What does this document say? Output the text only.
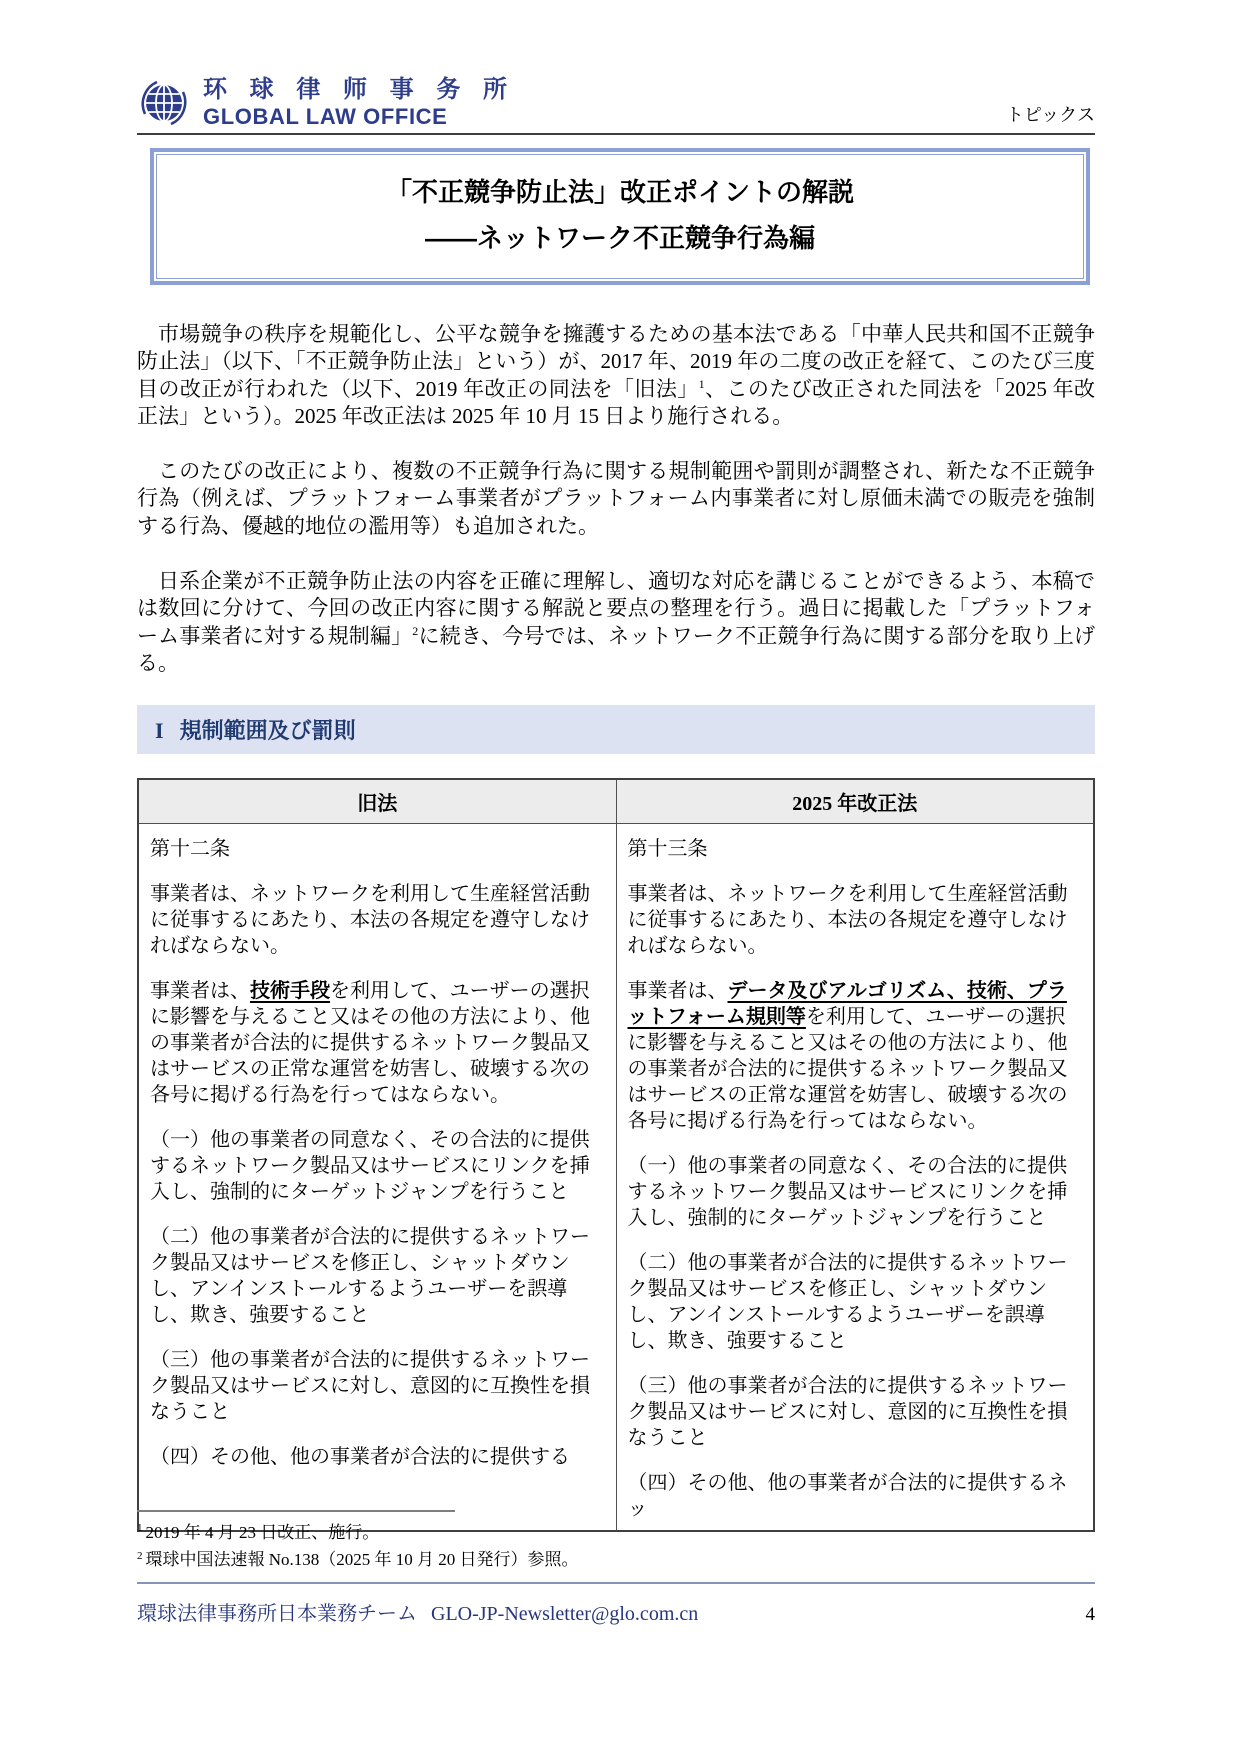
环 球 律 师 事 务 所
GLOBAL LAW OFFICE	トピックス
「不正競争防止法」改正ポイントの解説
——ネットワーク不正競争行為編

市場競争の秩序を規範化し、公平な競争を擁護するための基本法である「中華人民共和国不正競争防止法」（以下、「不正競争防止法」という）が、2017 年、2019 年の二度の改正を経て、このたび三度目の改正が行われた（以下、2019 年改正の同法を「旧法」$^1$、このたび改正された同法を「2025 年改正法」という）。2025 年改正法は 2025 年 10 月 15 日より施行される。

このたびの改正により、複数の不正競争行為に関する規制範囲や罰則が調整され、新たな不正競争行為（例えば、プラットフォーム事業者がプラットフォーム内事業者に対し原価未満での販売を強制する行為、優越的地位の濫用等）も追加された。

日系企業が不正競争防止法の内容を正確に理解し、適切な対応を講じることができるよう、本稿では数回に分けて、今回の改正内容に関する解説と要点の整理を行う。過日に掲載した「プラットフォーム事業者に対する規制編」$^2$に続き、今号では、ネットワーク不正競争行為に関する部分を取り上げる。

I 規制範囲及び罰則
旧法	2025 年改正法

第十二条

事業者は、ネットワークを利用して生産経営活動に従事するにあたり、本法の各規定を遵守しなければならない。

事業者は、技術手段を利用して、ユーザーの選択に影響を与えること又はその他の方法により、他の事業者が合法的に提供するネットワーク製品又はサービスの正常な運営を妨害し、破壊する次の各号に掲げる行為を行ってはならない。

（一）他の事業者の同意なく、その合法的に提供するネットワーク製品又はサービスにリンクを挿入し、強制的にターゲットジャンプを行うこと

（二）他の事業者が合法的に提供するネットワーク製品又はサービスを修正し、シャットダウンし、アンインストールするようユーザーを誤導し、欺き、強要すること

（三）他の事業者が合法的に提供するネットワーク製品又はサービスに対し、意図的に互換性を損なうこと

（四）その他、他の事業者が合法的に提供する

第十三条

事業者は、ネットワークを利用して生産経営活動に従事するにあたり、本法の各規定を遵守しなければならない。

事業者は、データ及びアルゴリズム、技術、プラットフォーム規則等を利用して、ユーザーの選択に影響を与えること又はその他の方法により、他の事業者が合法的に提供するネットワーク製品又はサービスの正常な運営を妨害し、破壊する次の各号に掲げる行為を行ってはならない。

（一）他の事業者の同意なく、その合法的に提供するネットワーク製品又はサービスにリンクを挿入し、強制的にターゲットジャンプを行うこと

（二）他の事業者が合法的に提供するネットワーク製品又はサービスを修正し、シャットダウンし、アンインストールするようユーザーを誤導し、欺き、強要すること

（三）他の事業者が合法的に提供するネットワーク製品又はサービスに対し、意図的に互換性を損なうこと

（四）その他、他の事業者が合法的に提供するネッ

$^1$ 2019 年 4 月 23 日改正、施行。

$^2$ 環球中国法速報 No.138（2025 年 10 月 20 日発行）参照。

環球法律事務所日本業務チーム GLO-JP-Newsletter@glo.com.cn	4
